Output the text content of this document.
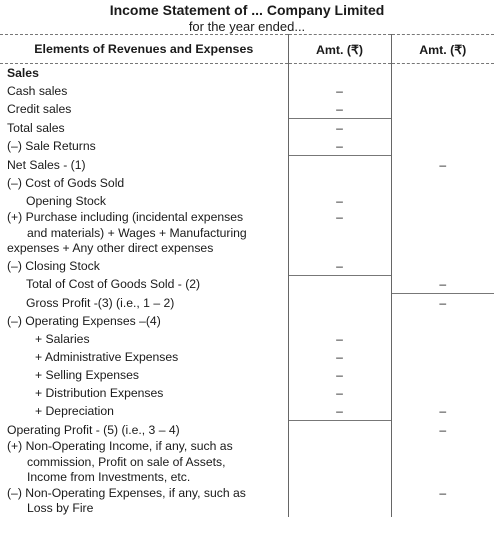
Income Statement of ... Company Limited
for the year ended...
Elements of Revenues and Expenses	Amt. (₹)	Amt. (₹)
Sales		
Cash sales	–	
Credit sales	–	
Total sales	–	
(–) Sale Returns	–	
Net Sales - (1)		–
(–) Cost of Gods Sold		
Opening Stock	–	

(+) Purchase including (incidental expenses
and materials) + Wages + Manufacturing
expenses + Any other direct expenses	–	
(–) Closing Stock	–	
Total of Cost of Goods Sold - (2)		–
Gross Profit -(3) (i.e., 1 – 2)		–
(–) Operating Expenses –(4)		
+ Salaries	–	
+ Administrative Expenses	–	
+ Selling Expenses	–	
+ Distribution Expenses	–	
+ Depreciation	–	–
Operating Profit - (5) (i.e., 3 – 4)		–

(+) Non-Operating Income, if any, such as
commission, Profit on sale of Assets,
Income from Investments, etc.		

(–) Non-Operating Expenses, if any, such as
Loss by Fire		–
